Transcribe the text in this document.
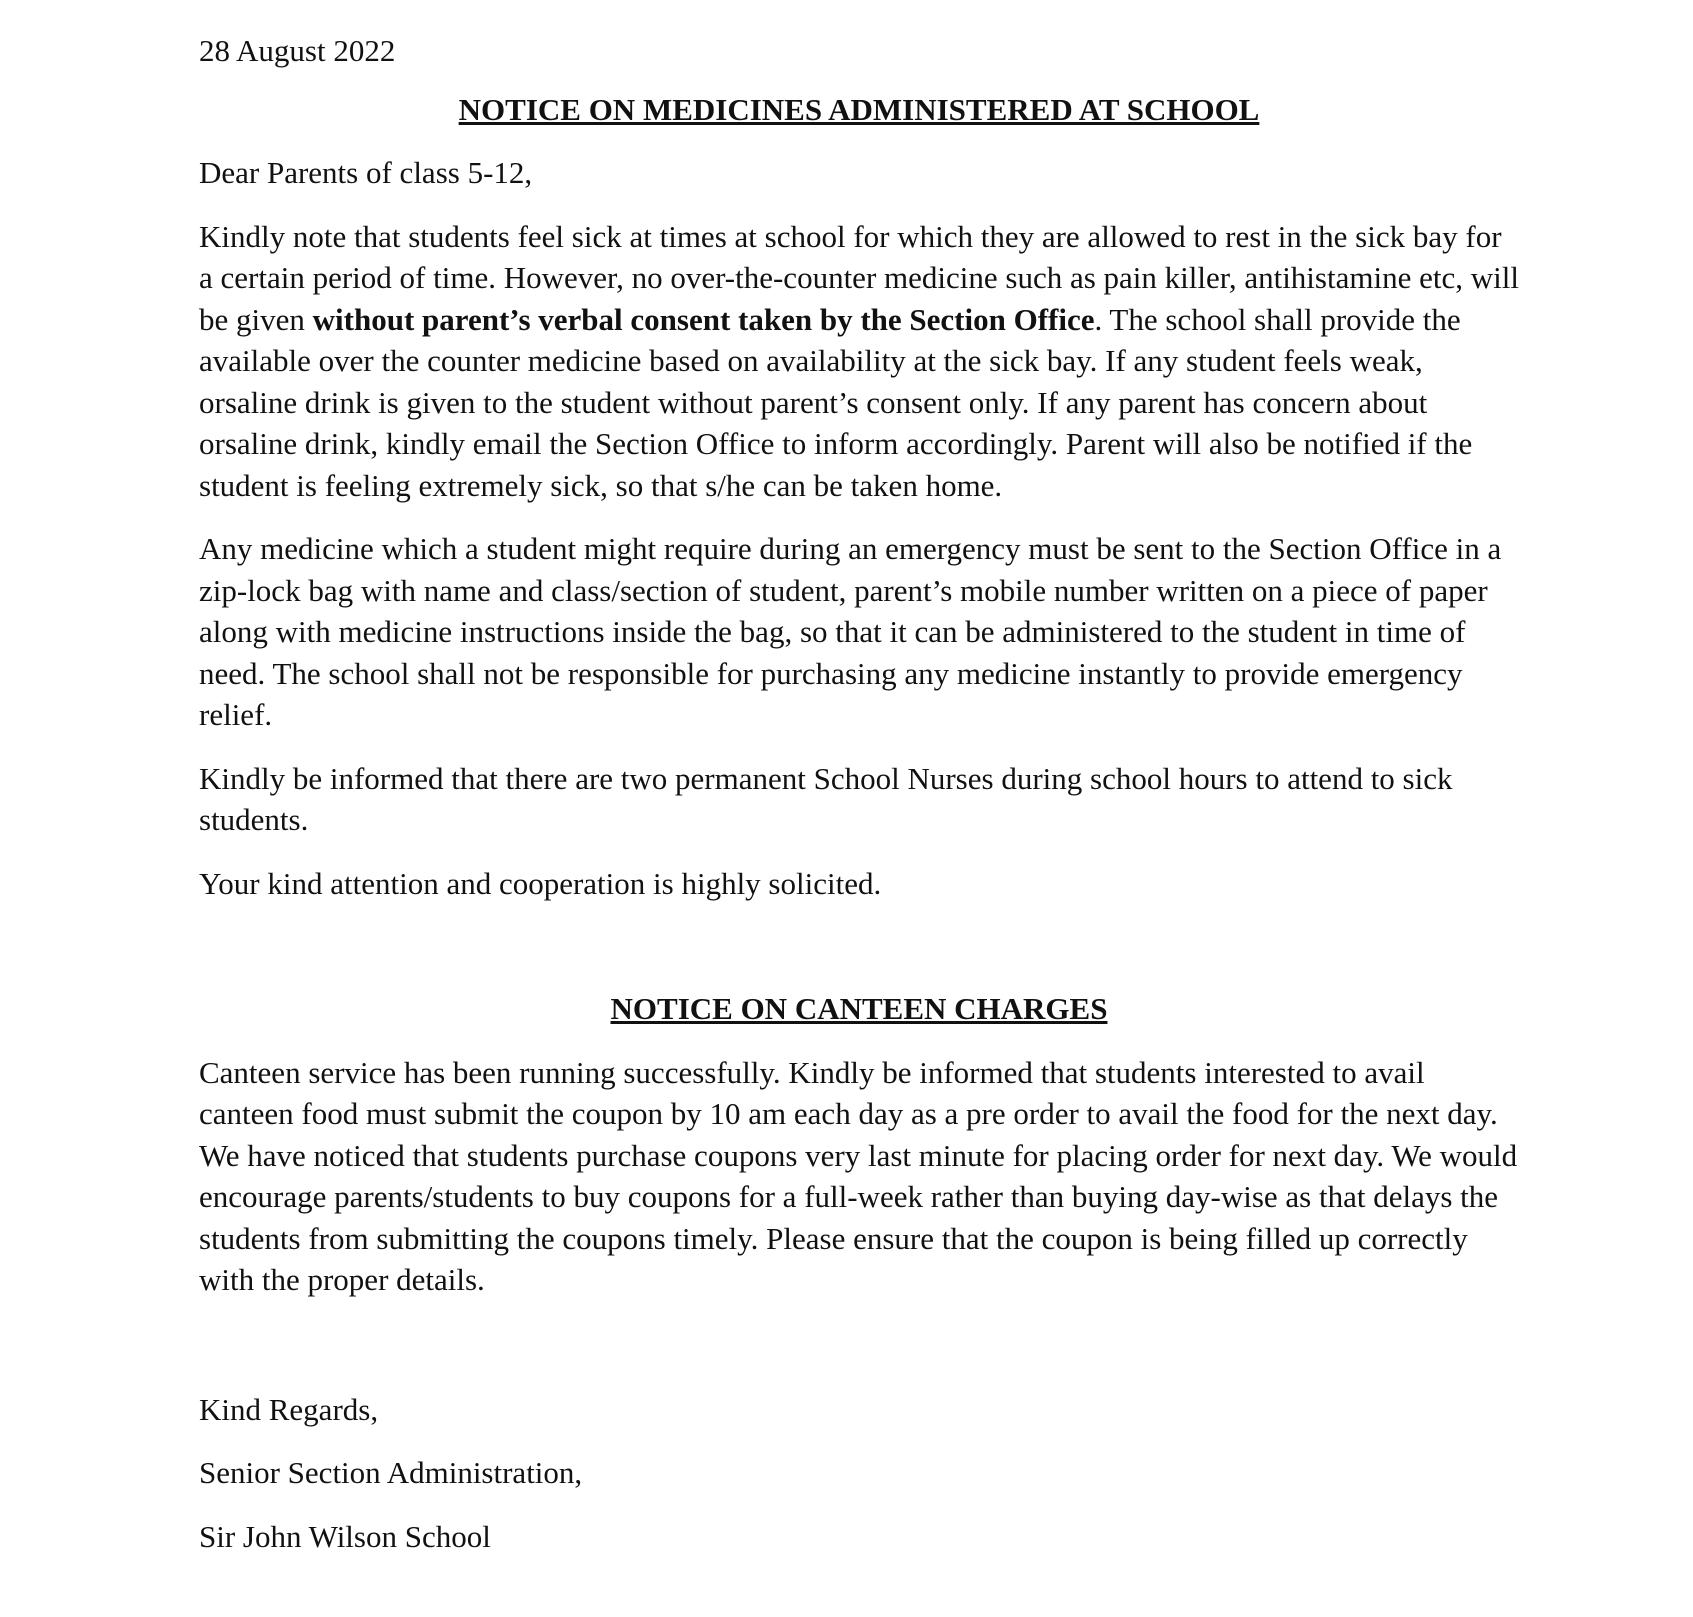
28 August 2022
NOTICE ON MEDICINES ADMINISTERED AT SCHOOL

Dear Parents of class 5-12,

Kindly note that students feel sick at times at school for which they are allowed to rest in the sick bay for a certain period of time. However, no over-the-counter medicine such as pain killer, antihistamine etc, will be given without parent’s verbal consent taken by the Section Office. The school shall provide the available over the counter medicine based on availability at the sick bay. If any student feels weak, orsaline drink is given to the student without parent’s consent only. If any parent has concern about orsaline drink, kindly email the Section Office to inform accordingly. Parent will also be notified if the student is feeling extremely sick, so that s/he can be taken home.

Any medicine which a student might require during an emergency must be sent to the Section Office in a zip-lock bag with name and class/section of student, parent’s mobile number written on a piece of paper along with medicine instructions inside the bag, so that it can be administered to the student in time of need. The school shall not be responsible for purchasing any medicine instantly to provide emergency relief.

Kindly be informed that there are two permanent School Nurses during school hours to attend to sick students.

Your kind attention and cooperation is highly solicited.

NOTICE ON CANTEEN CHARGES

Canteen service has been running successfully. Kindly be informed that students interested to avail canteen food must submit the coupon by 10 am each day as a pre order to avail the food for the next day. We have noticed that students purchase coupons very last minute for placing order for next day. We would encourage parents/students to buy coupons for a full-week rather than buying day-wise as that delays the students from submitting the coupons timely. Please ensure that the coupon is being filled up correctly with the proper details.

Kind Regards,

Senior Section Administration,

Sir John Wilson School
